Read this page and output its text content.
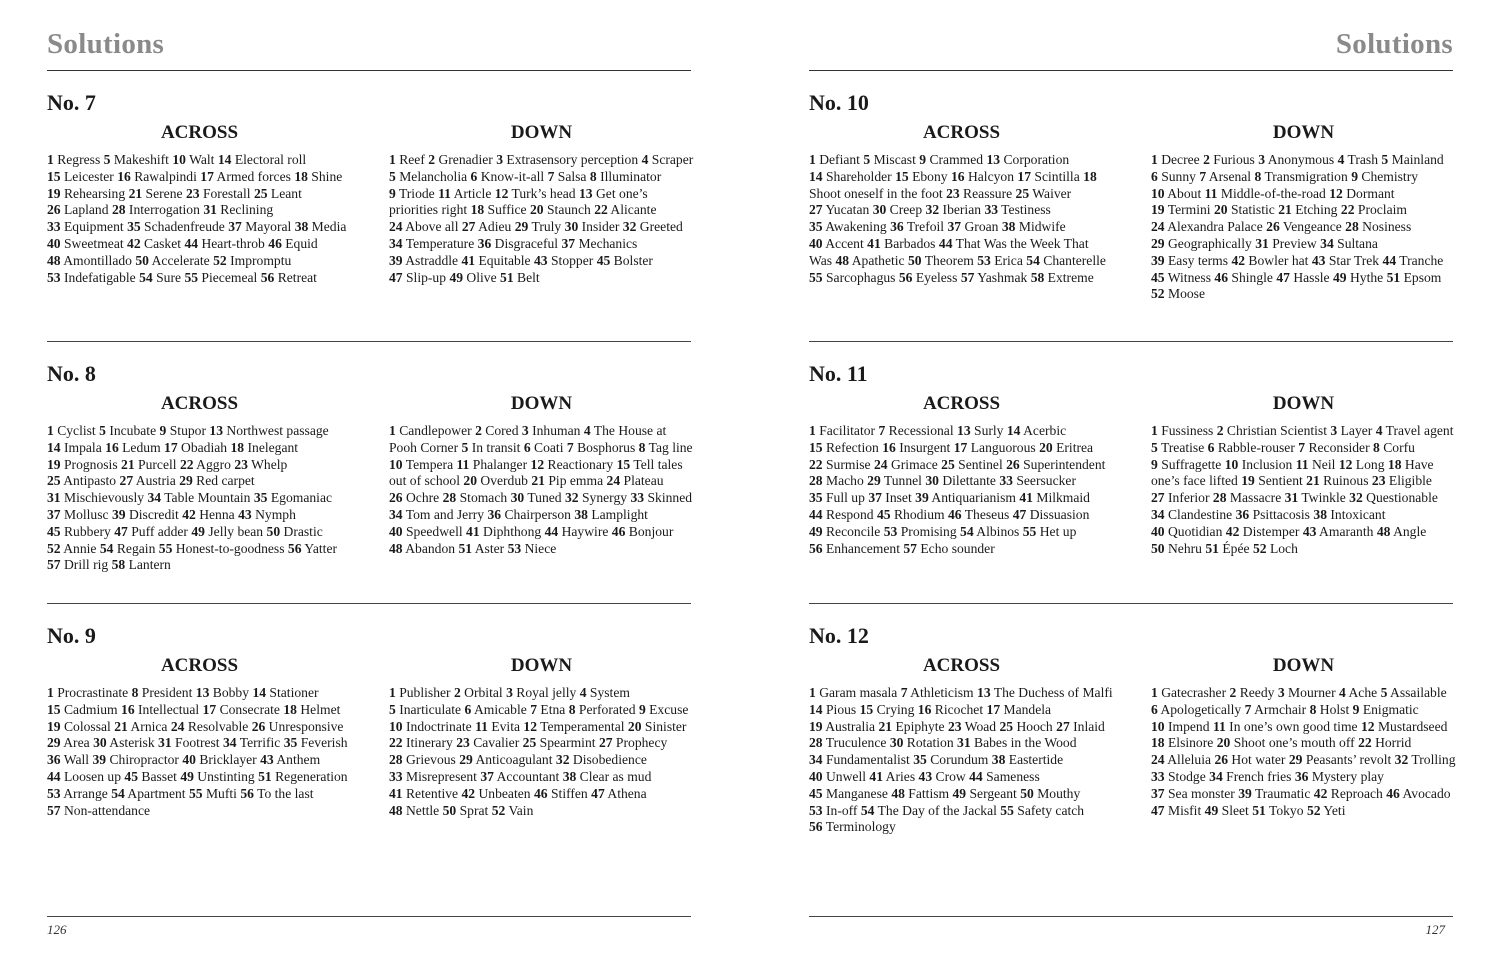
Solutions
No. 7
ACROSS

1 Regress 5 Makeshift 10 Walt 14 Electoral roll 15 Leicester 16 Rawalpindi 17 Armed forces 18 Shine 19 Rehearsing 21 Serene 23 Forestall 25 Leant 26 Lapland 28 Interrogation 31 Reclining 33 Equipment 35 Schadenfreude 37 Mayoral 38 Media 40 Sweetmeat 42 Casket 44 Heart-throb 46 Equid 48 Amontillado 50 Accelerate 52 Impromptu 53 Indefatigable 54 Sure 55 Piecemeal 56 Retreat

DOWN

1 Reef 2 Grenadier 3 Extrasensory perception 4 Scraper 5 Melancholia 6 Know-it-all 7 Salsa 8 Illuminator 9 Triode 11 Article 12 Turk’s head 13 Get one’s priorities right 18 Suffice 20 Staunch 22 Alicante 24 Above all 27 Adieu 29 Truly 30 Insider 32 Greeted 34 Temperature 36 Disgraceful 37 Mechanics 39 Astraddle 41 Equitable 43 Stopper 45 Bolster 47 Slip-up 49 Olive 51 Belt

No. 8
ACROSS

1 Cyclist 5 Incubate 9 Stupor 13 Northwest passage 14 Impala 16 Ledum 17 Obadiah 18 Inelegant 19 Prognosis 21 Purcell 22 Aggro 23 Whelp 25 Antipasto 27 Austria 29 Red carpet 31 Mischievously 34 Table Mountain 35 Egomaniac 37 Mollusc 39 Discredit 42 Henna 43 Nymph 45 Rubbery 47 Puff adder 49 Jelly bean 50 Drastic 52 Annie 54 Regain 55 Honest-to-goodness 56 Yatter 57 Drill rig 58 Lantern

DOWN

1 Candlepower 2 Cored 3 Inhuman 4 The House at Pooh Corner 5 In transit 6 Coati 7 Bosphorus 8 Tag line 10 Tempera 11 Phalanger 12 Reactionary 15 Tell tales out of school 20 Overdub 21 Pip emma 24 Plateau 26 Ochre 28 Stomach 30 Tuned 32 Synergy 33 Skinned 34 Tom and Jerry 36 Chairperson 38 Lamplight 40 Speedwell 41 Diphthong 44 Haywire 46 Bonjour 48 Abandon 51 Aster 53 Niece

No. 9
ACROSS

1 Procrastinate 8 President 13 Bobby 14 Stationer 15 Cadmium 16 Intellectual 17 Consecrate 18 Helmet 19 Colossal 21 Arnica 24 Resolvable 26 Unresponsive 29 Area 30 Asterisk 31 Footrest 34 Terrific 35 Feverish 36 Wall 39 Chiropractor 40 Bricklayer 43 Anthem 44 Loosen up 45 Basset 49 Unstinting 51 Regeneration 53 Arrange 54 Apartment 55 Mufti 56 To the last 57 Non-attendance

DOWN

1 Publisher 2 Orbital 3 Royal jelly 4 System 5 Inarticulate 6 Amicable 7 Etna 8 Perforated 9 Excuse 10 Indoctrinate 11 Evita 12 Temperamental 20 Sinister 22 Itinerary 23 Cavalier 25 Spearmint 27 Prophecy 28 Grievous 29 Anticoagulant 32 Disobedience 33 Misrepresent 37 Accountant 38 Clear as mud 41 Retentive 42 Unbeaten 46 Stiffen 47 Athena 48 Nettle 50 Sprat 52 Vain

126
Solutions
No. 10
ACROSS

1 Defiant 5 Miscast 9 Crammed 13 Corporation 14 Shareholder 15 Ebony 16 Halcyon 17 Scintilla 18 Shoot oneself in the foot 23 Reassure 25 Waiver 27 Yucatan 30 Creep 32 Iberian 33 Testiness 35 Awakening 36 Trefoil 37 Groan 38 Midwife 40 Accent 41 Barbados 44 That Was the Week That Was 48 Apathetic 50 Theorem 53 Erica 54 Chanterelle 55 Sarcophagus 56 Eyeless 57 Yashmak 58 Extreme

DOWN

1 Decree 2 Furious 3 Anonymous 4 Trash 5 Mainland 6 Sunny 7 Arsenal 8 Transmigration 9 Chemistry 10 About 11 Middle-of-the-road 12 Dormant 19 Termini 20 Statistic 21 Etching 22 Proclaim 24 Alexandra Palace 26 Vengeance 28 Nosiness 29 Geographically 31 Preview 34 Sultana 39 Easy terms 42 Bowler hat 43 Star Trek 44 Tranche 45 Witness 46 Shingle 47 Hassle 49 Hythe 51 Epsom 52 Moose

No. 11
ACROSS

1 Facilitator 7 Recessional 13 Surly 14 Acerbic 15 Refection 16 Insurgent 17 Languorous 20 Eritrea 22 Surmise 24 Grimace 25 Sentinel 26 Superintendent 28 Macho 29 Tunnel 30 Dilettante 33 Seersucker 35 Full up 37 Inset 39 Antiquarianism 41 Milkmaid 44 Respond 45 Rhodium 46 Theseus 47 Dissuasion 49 Reconcile 53 Promising 54 Albinos 55 Het up 56 Enhancement 57 Echo sounder

DOWN

1 Fussiness 2 Christian Scientist 3 Layer 4 Travel agent 5 Treatise 6 Rabble-rouser 7 Reconsider 8 Corfu 9 Suffragette 10 Inclusion 11 Neil 12 Long 18 Have one’s face lifted 19 Sentient 21 Ruinous 23 Eligible 27 Inferior 28 Massacre 31 Twinkle 32 Questionable 34 Clandestine 36 Psittacosis 38 Intoxicant 40 Quotidian 42 Distemper 43 Amaranth 48 Angle 50 Nehru 51 Épée 52 Loch

No. 12
ACROSS

1 Garam masala 7 Athleticism 13 The Duchess of Malfi 14 Pious 15 Crying 16 Ricochet 17 Mandela 19 Australia 21 Epiphyte 23 Woad 25 Hooch 27 Inlaid 28 Truculence 30 Rotation 31 Babes in the Wood 34 Fundamentalist 35 Corundum 38 Eastertide 40 Unwell 41 Aries 43 Crow 44 Sameness 45 Manganese 48 Fattism 49 Sergeant 50 Mouthy 53 In-off 54 The Day of the Jackal 55 Safety catch 56 Terminology

DOWN

1 Gatecrasher 2 Reedy 3 Mourner 4 Ache 5 Assailable 6 Apologetically 7 Armchair 8 Holst 9 Enigmatic 10 Impend 11 In one’s own good time 12 Mustardseed 18 Elsinore 20 Shoot one’s mouth off 22 Horrid 24 Alleluia 26 Hot water 29 Peasants’ revolt 32 Trolling 33 Stodge 34 French fries 36 Mystery play 37 Sea monster 39 Traumatic 42 Reproach 46 Avocado 47 Misfit 49 Sleet 51 Tokyo 52 Yeti

127
